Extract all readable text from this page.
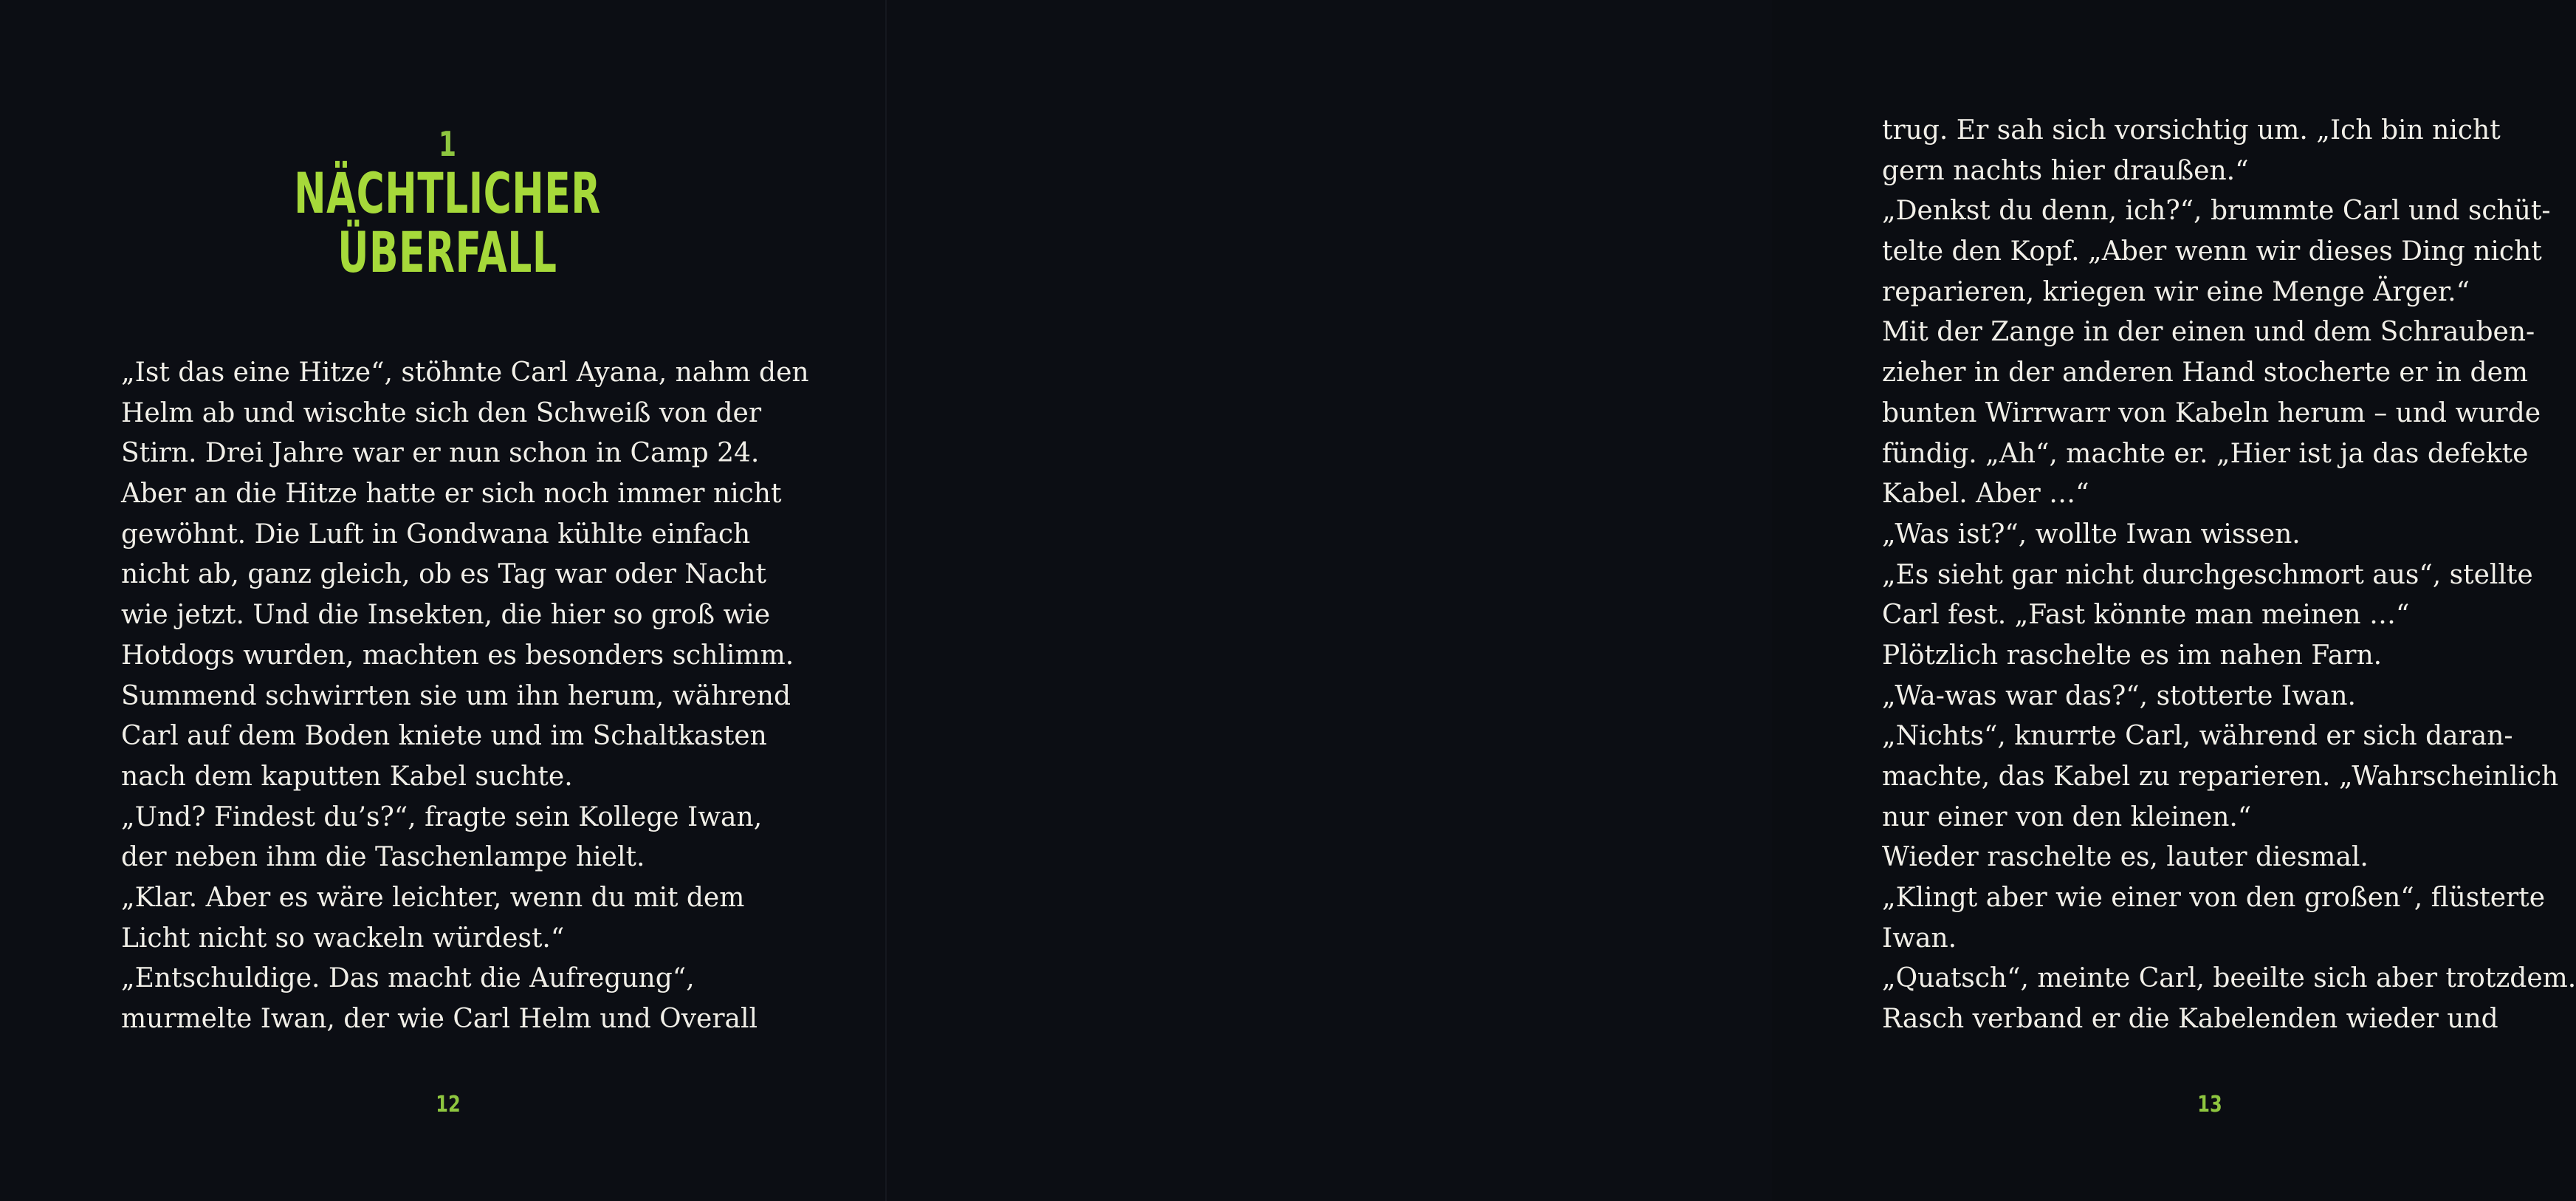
1
NÄCHTLICHER
ÜBERFALL
„Ist das eine Hitze“, stöhnte Carl Ayana, nahm den
Helm ab und wischte sich den Schweiß von der
Stirn. Drei Jahre war er nun schon in Camp 24.
Aber an die Hitze hatte er sich noch immer nicht
gewöhnt. Die Luft in Gondwana kühlte einfach
nicht ab, ganz gleich, ob es Tag war oder Nacht
wie jetzt. Und die Insekten, die hier so groß wie
Hotdogs wurden, machten es besonders schlimm.
Summend schwirrten sie um ihn herum, während
Carl auf dem Boden kniete und im Schaltkasten
nach dem kaputten Kabel suchte.
„Und? Findest du’s?“, fragte sein Kollege Iwan,
der neben ihm die Taschenlampe hielt.
„Klar. Aber es wäre leichter, wenn du mit dem
Licht nicht so wackeln würdest.“
„Entschuldige. Das macht die Aufregung“,
murmelte Iwan, der wie Carl Helm und Overall
12
trug. Er sah sich vorsichtig um. „Ich bin nicht
gern nachts hier draußen.“
„Denkst du denn, ich?“, brummte Carl und schüt-
telte den Kopf. „Aber wenn wir dieses Ding nicht
reparieren, kriegen wir eine Menge Ärger.“
Mit der Zange in der einen und dem Schrauben-
zieher in der anderen Hand stocherte er in dem
bunten Wirrwarr von Kabeln herum – und wurde
fündig. „Ah“, machte er. „Hier ist ja das defekte
Kabel. Aber …“
„Was ist?“, wollte Iwan wissen.
„Es sieht gar nicht durchgeschmort aus“, stellte
Carl fest. „Fast könnte man meinen …“
Plötzlich raschelte es im nahen Farn.
„Wa-was war das?“, stotterte Iwan.
„Nichts“, knurrte Carl, während er sich daran-
machte, das Kabel zu reparieren. „Wahrscheinlich
nur einer von den kleinen.“
Wieder raschelte es, lauter diesmal.
„Klingt aber wie einer von den großen“, flüsterte
Iwan.
„Quatsch“, meinte Carl, beeilte sich aber trotzdem.
Rasch verband er die Kabelenden wieder und
13
